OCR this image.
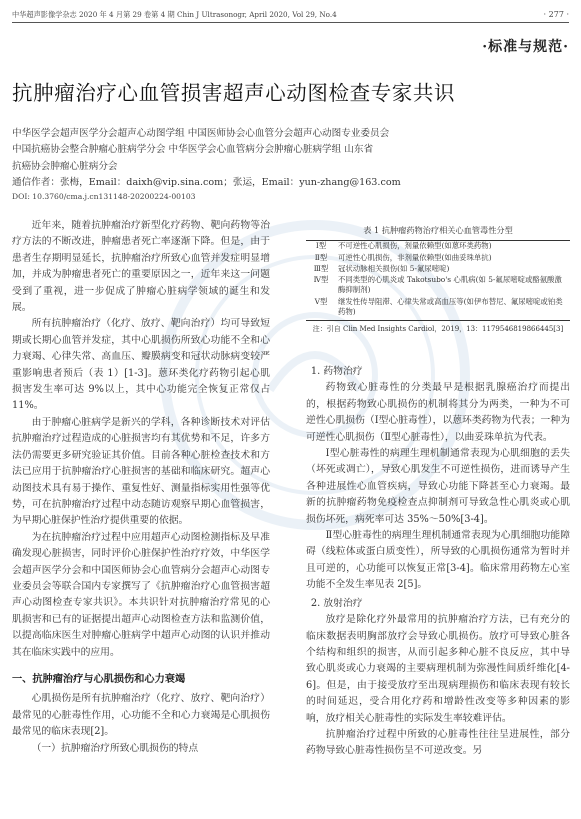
中华超声影像学杂志 2020 年 4 月第 29 卷第 4 期 Chin J Ultrasonogr, April 2020, Vol 29, No.4	· 277 ·
·标准与规范·
抗肿瘤治疗心血管损害超声心动图检查专家共识
中华医学会超声医学分会超声心动图学组 中国医师协会心血管分会超声心动图专业委员会
中国抗癌协会整合肿瘤心脏病学分会 中华医学会心血管病分会肿瘤心脏病学组 山东省
抗癌协会肿瘤心脏病分会
通信作者：张梅，Email：daixh@vip.sina.com；张运，Email：yun-zhang@163.com
DOI: 10.3760/cma.j.cn131148-20200224-00103

近年来，随着抗肿瘤治疗新型化疗药物、靶向药物等治疗方法的不断改进，肿瘤患者死亡率逐渐下降。但是，由于患者生存期明显延长，抗肿瘤治疗所致心血管并发症明显增加，并成为肿瘤患者死亡的重要原因之一，近年来这一问题受到了重视，进一步促成了肿瘤心脏病学领域的诞生和发展。

所有抗肿瘤治疗（化疗、放疗、靶向治疗）均可导致短期或长期心血管并发症，其中心肌损伤所致心功能不全和心力衰竭、心律失常、高血压、瓣膜病变和冠状动脉病变较严重影响患者预后（表 1）[1-3]。蒽环类化疗药物引起心肌损害发生率可达 9%以上，其中心功能完全恢复正常仅占 11%。

由于肿瘤心脏病学是新兴的学科，各种诊断技术对评估抗肿瘤治疗过程造成的心脏损害均有其优势和不足，许多方法仍需要更多研究验证其价值。目前各种心脏检查技术和方法已应用于抗肿瘤治疗心脏损害的基础和临床研究。超声心动图技术具有易于操作、重复性好、测量指标实用性强等优势，可在抗肿瘤治疗过程中动态随访观察早期心血管损害，为早期心脏保护性治疗提供重要的依据。

为在抗肿瘤治疗过程中应用超声心动图检测指标及早准确发现心脏损害，同时评价心脏保护性治疗疗效，中华医学会超声医学分会和中国医师协会心血管病分会超声心动图专业委员会等联合国内专家撰写了《抗肿瘤治疗心血管损害超声心动图检查专家共识》。本共识针对抗肿瘤治疗常见的心肌损害和已有的证据提出超声心动图检查方法和监测价值，以提高临床医生对肿瘤心脏病学中超声心动图的认识并推动其在临床实践中的应用。

一、抗肿瘤治疗与心肌损伤和心力衰竭

心肌损伤是所有抗肿瘤治疗（化疗、放疗、靶向治疗）最常见的心脏毒性作用，心功能不全和心力衰竭是心肌损伤最常见的临床表现[2]。

（一）抗肿瘤治疗所致心肌损伤的特点

表 1 抗肿瘤药物治疗相关心血管毒性分型
Ⅰ型	不可逆性心肌损伤，剂量依赖型(如蒽环类药物)
Ⅱ型	可逆性心肌损伤，非剂量依赖型(如曲妥珠单抗)
Ⅲ型	冠状动脉相关损伤(如 5-氟尿嘧啶)
Ⅳ型	不同类型的心肌炎或 Takotsubo's 心肌病(如 5-氟尿嘧啶或酪氨酸激酶抑制剂)
Ⅴ型	继发性传导阻滞、心律失常或高血压等(如伊布替尼、氟尿嘧啶或铂类药物)
注：引自 Clin Med Insights Cardiol，2019，13：1179546819866445[3]

1. 药物治疗

药物致心脏毒性的分类最早是根据乳腺癌治疗而提出的，根据药物致心肌损伤的机制将其分为两类，一种为不可逆性心肌损伤（Ⅰ型心脏毒性），以蒽环类药物为代表；一种为可逆性心肌损伤（Ⅱ型心脏毒性），以曲妥珠单抗为代表。

Ⅰ型心脏毒性的病理生理机制通常表现为心肌细胞的丢失（坏死或凋亡），导致心肌发生不可逆性损伤，进而诱导产生各种进展性心血管疾病，导致心功能下降甚至心力衰竭。最新的抗肿瘤药物免疫检查点抑制剂可导致急性心肌炎或心肌损伤坏死，病死率可达 35%～50%[3-4]。

Ⅱ型心脏毒性的病理生理机制通常表现为心肌细胞功能障碍（线粒体或蛋白质变性），所导致的心肌损伤通常为暂时并且可逆的，心功能可以恢复正常[3-4]。临床常用药物左心室功能不全发生率见表 2[5]。

2. 放射治疗

放疗是除化疗外最常用的抗肿瘤治疗方法，已有充分的临床数据表明胸部放疗会导致心肌损伤。放疗可导致心脏各个结构和组织的损害，从而引起多种心脏不良反应，其中导致心肌炎或心力衰竭的主要病理机制为弥漫性间质纤维化[4-6]。但是，由于接受放疗至出现病理损伤和临床表现有较长的时间延迟，受合用化疗药和增龄性改变等多种因素的影响，放疗相关心脏毒性的实际发生率较难评估。

抗肿瘤治疗过程中所致的心脏毒性往往呈进展性，部分药物导致心脏毒性损伤呈不可逆改变。另
